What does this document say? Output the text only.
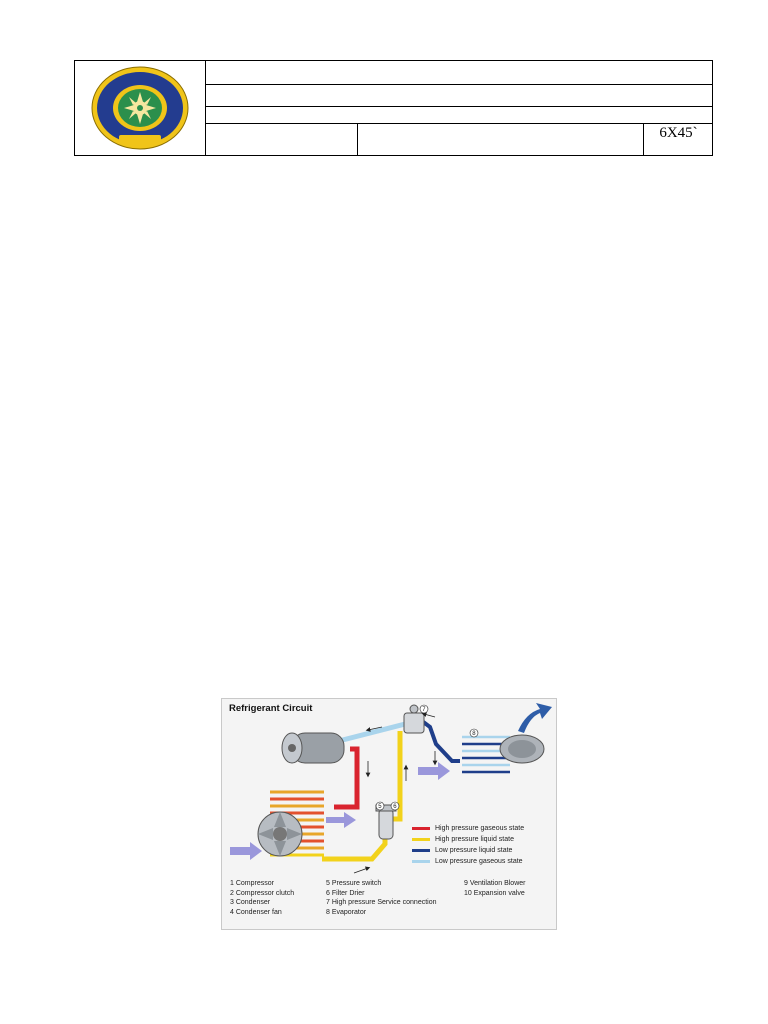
6X45`
5 6
8
7
Refrigerant Circuit
High pressure gaseous state
High pressure liquid state
Low pressure liquid state
Low pressure gaseous state
1 Compressor
2 Compressor clutch
3 Condenser
4 Condenser fan
5 Pressure switch
6 Filter Drier
7 High pressure Service connection
8 Evaporator
9 Ventilation Blower
10 Expansion valve
